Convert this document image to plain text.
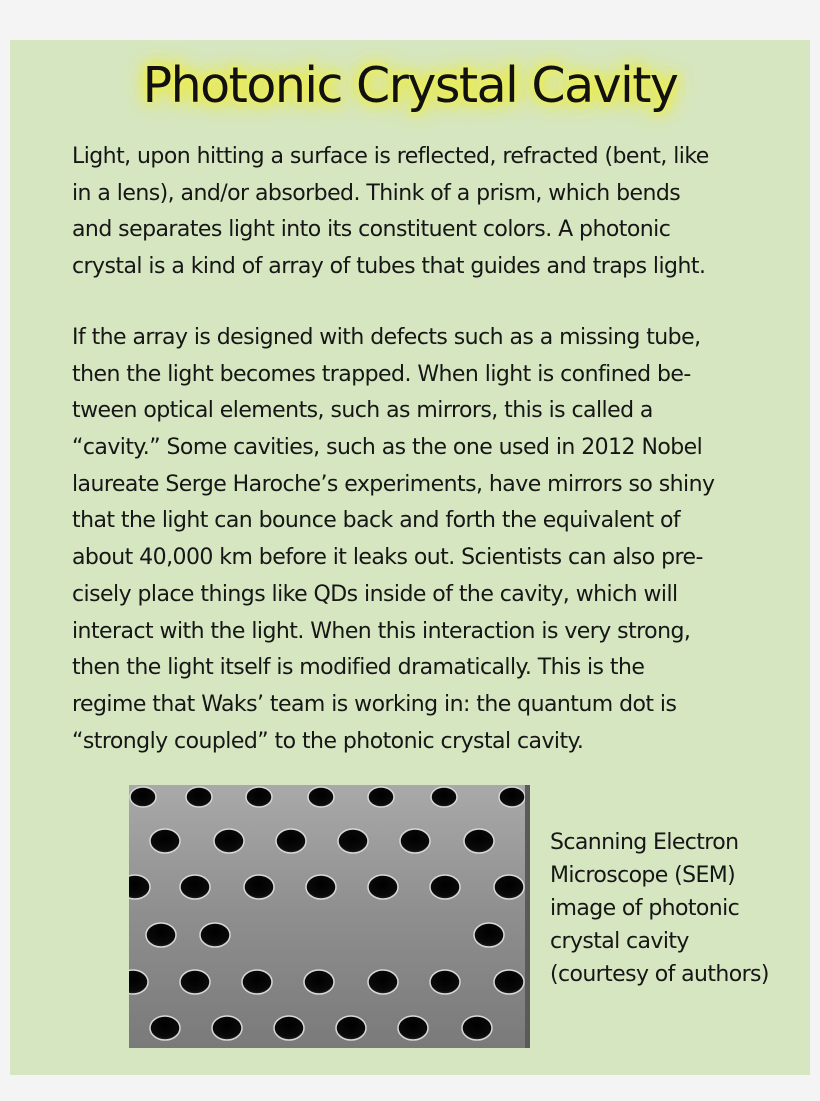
Photonic Crystal Cavity
Light, upon hitting a surface is reflected, refracted (bent, like
in a lens), and/or absorbed. Think of a prism, which bends
and separates light into its constituent colors. A photonic
crystal is a kind of array of tubes that guides and traps light.
If the array is designed with defects such as a missing tube,
then the light becomes trapped. When light is confined be-
tween optical elements, such as mirrors, this is called a
“cavity.” Some cavities, such as the one used in 2012 Nobel
laureate Serge Haroche’s experiments, have mirrors so shiny
that the light can bounce back and forth the equivalent of
about 40,000 km before it leaks out. Scientists can also pre-
cisely place things like QDs inside of the cavity, which will
interact with the light. When this interaction is very strong,
then the light itself is modified dramatically. This is the
regime that Waks’ team is working in: the quantum dot is
“strongly coupled” to the photonic crystal cavity.
Scanning Electron
Microscope (SEM)
image of photonic
crystal cavity
(courtesy of authors)
